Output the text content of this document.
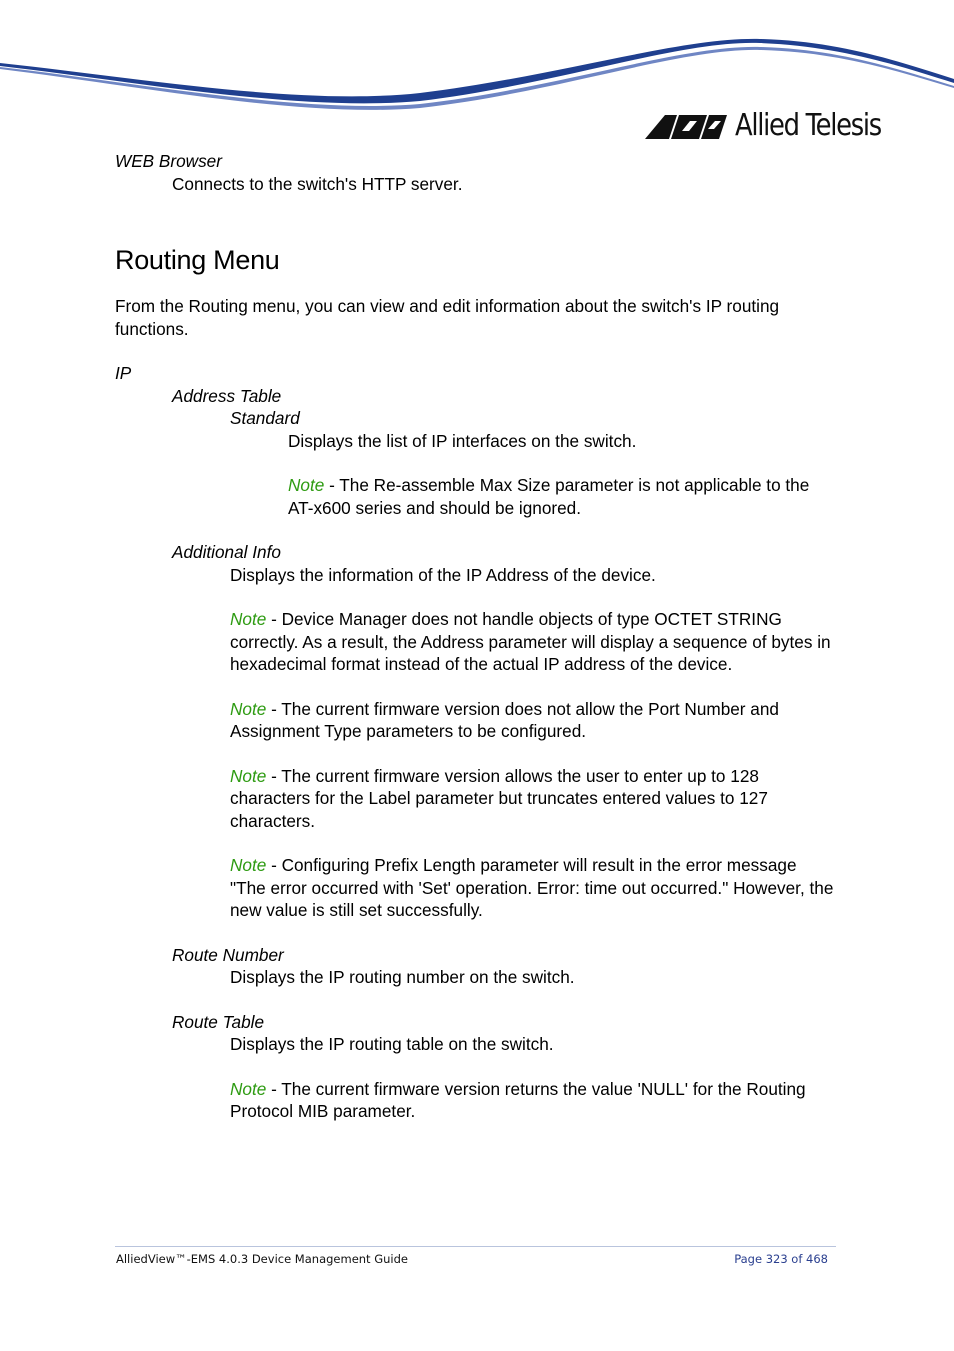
Allied Telesis

WEB Browser

Connects to the switch's HTTP server.

Routing Menu

From the Routing menu, you can view and edit information about the switch's IP routing functions.

IP

Address Table

Standard

Displays the list of IP interfaces on the switch.

Note - The Re-assemble Max Size parameter is not applicable to the AT-x600 series and should be ignored.

Additional Info

Displays the information of the IP Address of the device.

Note - Device Manager does not handle objects of type OCTET STRING correctly. As a result, the Address parameter will display a sequence of bytes in hexadecimal format instead of the actual IP address of the device.

Note - The current firmware version does not allow the Port Number and Assignment Type parameters to be configured.

Note - The current firmware version allows the user to enter up to 128 characters for the Label parameter but truncates entered values to 127 characters.

Note - Configuring Prefix Length parameter will result in the error message "The error occurred with 'Set' operation. Error: time out occurred." However, the new value is still set successfully.

Route Number

Displays the IP routing number on the switch.

Route Table

Displays the IP routing table on the switch.

Note - The current firmware version returns the value 'NULL' for the Routing Protocol MIB parameter.

AlliedView™-EMS 4.0.3 Device Management Guide	Page 323 of 468
